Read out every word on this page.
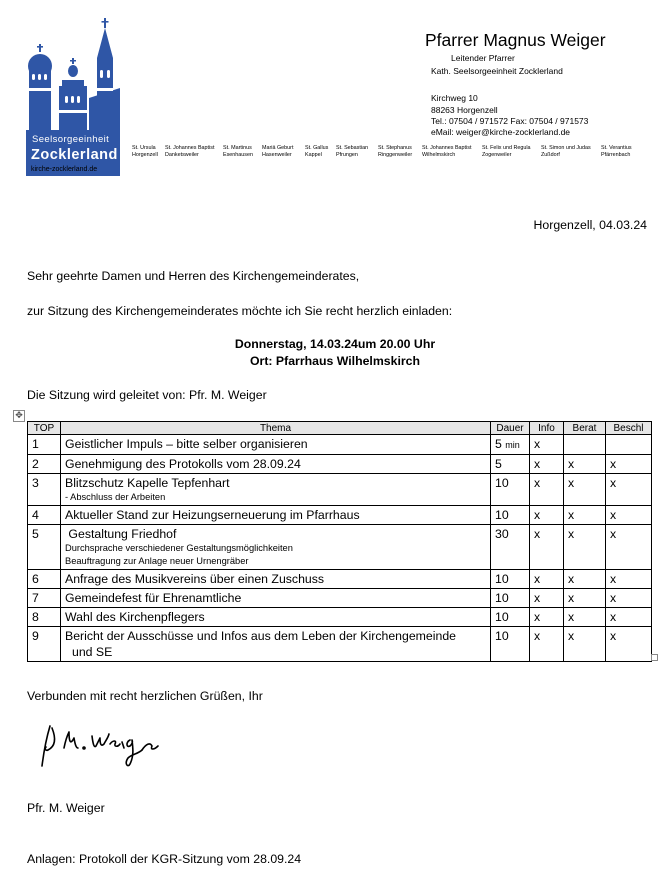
Seelsorgeeinheit
Zocklerland
kirche-zocklerland.de
St. Ursula
Horgenzell
St. Johannes Baptist
Danketsweiler
St. Martinus
Esenhausen
Mariä Geburt
Hasenweiler
St. Gallus
Kappel
St. Sebastian
Pfrungen
St. Stephanus
Ringgenweiler
St. Johannes Baptist
Wilhelmskirch
St. Felix und Regula
Zogenweiler
St. Simon und Judas
Zußdorf
St. Verantius
Pfärrenbach
Pfarrer Magnus Weiger
Leitender Pfarrer
Kath. Seelsorgeeinheit Zocklerland
Kirchweg 10
88263 Horgenzell
Tel.: 07504 / 971572 Fax: 07504 / 971573
eMail: weiger@kirche-zocklerland.de
Horgenzell, 04.03.24
Sehr geehrte Damen und Herren des Kirchengemeinderates,
zur Sitzung des Kirchengemeinderates möchte ich Sie recht herzlich einladen:
Donnerstag, 14.03.24um 20.00 Uhr
Ort: Pfarrhaus Wilhelmskirch
Die Sitzung wird geleitet von: Pfr. M. Weiger
✥
TOP	Thema	Dauer	Info	Berat	Beschl
1	Geistlicher Impuls – bitte selber organisieren	5 min	x		
2	Genehmigung des Protokolls vom 28.09.24	5	x	x	x
3	Blitzschutz Kapelle Tepfenhart
- Abschluss der Arbeiten	10	x	x	x
4	Aktueller Stand zur Heizungserneuerung im Pfarrhaus	10	x	x	x
5	Gestaltung Friedhof
Durchsprache verschiedener Gestaltungsmöglichkeiten
Beauftragung zur Anlage neuer Urnengräber	30	x	x	x
6	Anfrage des Musikvereins über einen Zuschuss	10	x	x	x
7	Gemeindefest für Ehrenamtliche	10	x	x	x
8	Wahl des Kirchenpflegers	10	x	x	x
9	Bericht der Ausschüsse und Infos aus dem Leben der Kirchengemeinde
und SE	10	x	x	x
Verbunden mit recht herzlichen Grüßen, Ihr
Pfr. M. Weiger
Anlagen: Protokoll der KGR-Sitzung vom 28.09.24
